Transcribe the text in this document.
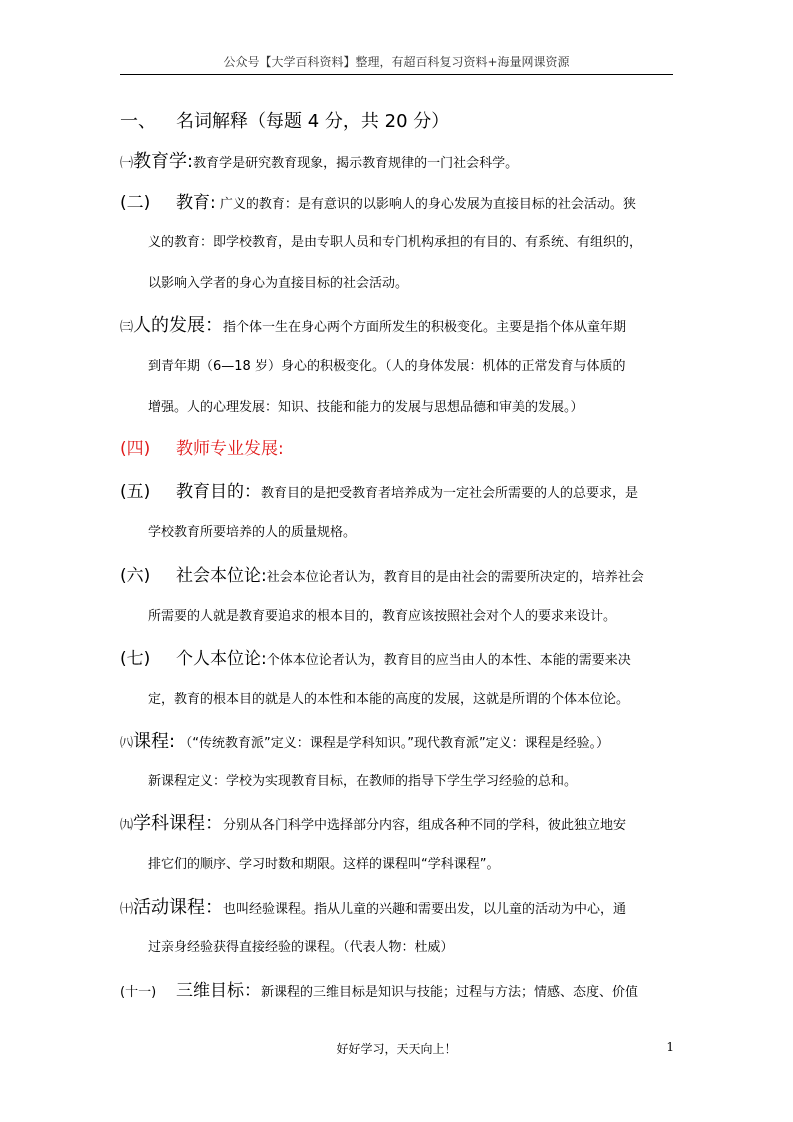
公众号【大学百科资料】整理，有超百科复习资料+海量网课资源
一、 名词解释（每题 4 分，共 20 分）
㈠教育学:教育学是研究教育现象，揭示教育规律的一门社会科学。
(二) 教育: 广义的教育：是有意识的以影响人的身心发展为直接目标的社会活动。狭
义的教育：即学校教育，是由专职人员和专门机构承担的有目的、有系统、有组织的，
以影响入学者的身心为直接目标的社会活动。
㈢人的发展：指个体一生在身心两个方面所发生的积极变化。主要是指个体从童年期
到青年期（6—18 岁）身心的积极变化。（人的身体发展：机体的正常发育与体质的
增强。人的心理发展：知识、技能和能力的发展与思想品德和审美的发展。）
(四) 教师专业发展:
(五) 教育目的：教育目的是把受教育者培养成为一定社会所需要的人的总要求，是
学校教育所要培养的人的质量规格。
(六) 社会本位论:社会本位论者认为，教育目的是由社会的需要所决定的，培养社会
所需要的人就是教育要追求的根本目的，教育应该按照社会对个人的要求来设计。
(七) 个人本位论:个体本位论者认为，教育目的应当由人的本性、本能的需要来决
定，教育的根本目的就是人的本性和本能的高度的发展，这就是所谓的个体本位论。
㈧课程: （“传统教育派”定义：课程是学科知识。”现代教育派”定义：课程是经验。）
新课程定义：学校为实现教育目标，在教师的指导下学生学习经验的总和。
㈨学科课程：分别从各门科学中选择部分内容，组成各种不同的学科，彼此独立地安
排它们的顺序、学习时数和期限。这样的课程叫“学科课程”。
㈩活动课程：也叫经验课程。指从儿童的兴趣和需要出发，以儿童的活动为中心，通
过亲身经验获得直接经验的课程。（代表人物：杜威）
(十一) 三维目标：新课程的三维目标是知识与技能；过程与方法；情感、态度、价值
好好学习，天天向上！	1
